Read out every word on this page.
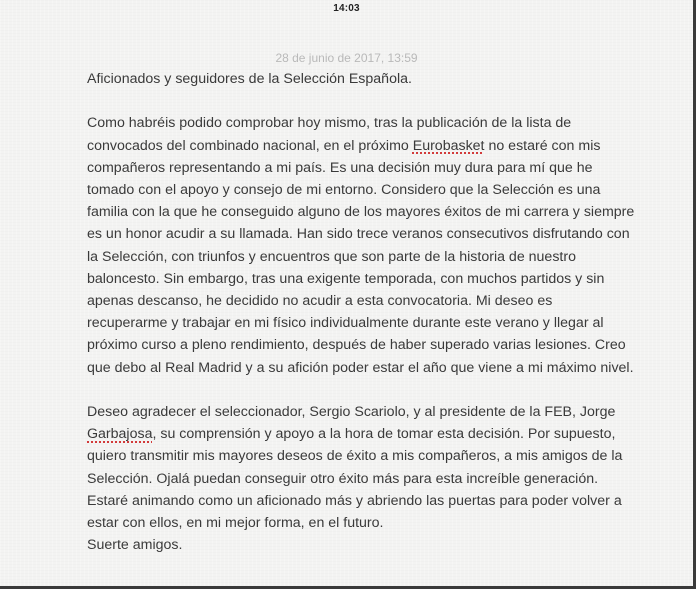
14:03
28 de junio de 2017, 13:59

Aficionados y seguidores de la Selección Española.

Como habréis podido comprobar hoy mismo, tras la publicación de la lista de
convocados del combinado nacional, en el próximo Eurobasket no estaré con mis
compañeros representando a mi país. Es una decisión muy dura para mí que he
tomado con el apoyo y consejo de mi entorno. Considero que la Selección es una
familia con la que he conseguido alguno de los mayores éxitos de mi carrera y siempre
es un honor acudir a su llamada. Han sido trece veranos consecutivos disfrutando con
la Selección, con triunfos y encuentros que son parte de la historia de nuestro
baloncesto. Sin embargo, tras una exigente temporada, con muchos partidos y sin
apenas descanso, he decidido no acudir a esta convocatoria. Mi deseo es
recuperarme y trabajar en mi físico individualmente durante este verano y llegar al
próximo curso a pleno rendimiento, después de haber superado varias lesiones. Creo
que debo al Real Madrid y a su afición poder estar el año que viene a mi máximo nivel.

Deseo agradecer el seleccionador, Sergio Scariolo, y al presidente de la FEB, Jorge
Garbajosa, su comprensión y apoyo a la hora de tomar esta decisión. Por supuesto,
quiero transmitir mis mayores deseos de éxito a mis compañeros, a mis amigos de la
Selección. Ojalá puedan conseguir otro éxito más para esta increíble generación.
Estaré animando como un aficionado más y abriendo las puertas para poder volver a
estar con ellos, en mi mejor forma, en el futuro.
Suerte amigos.
